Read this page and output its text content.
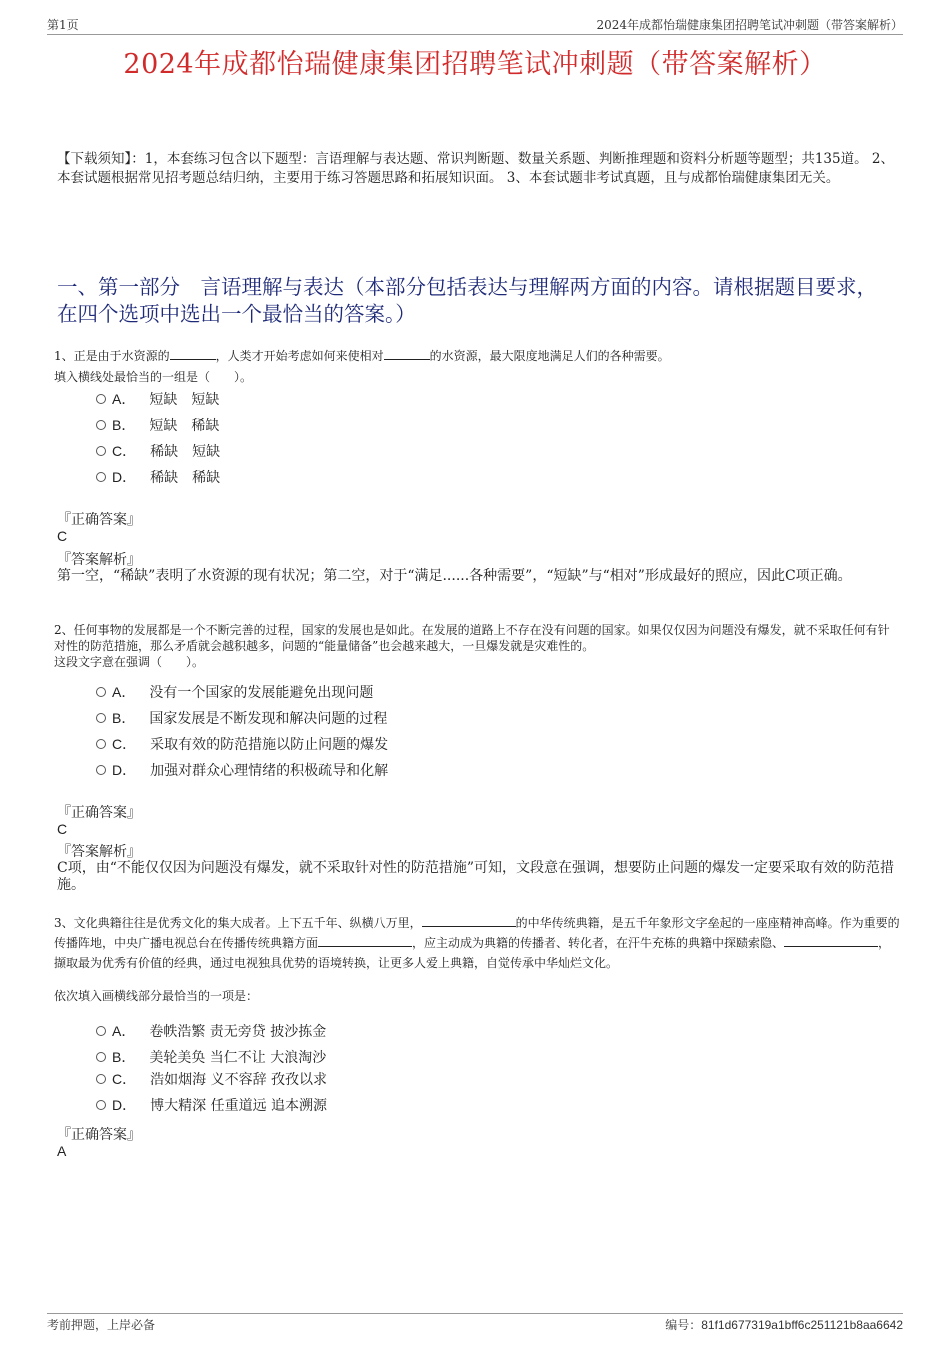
第1页	2024年成都怡瑞健康集团招聘笔试冲刺题（带答案解析）
2024年成都怡瑞健康集团招聘笔试冲刺题（带答案解析）
【下载须知】：1，本套练习包含以下题型：言语理解与表达题、常识判断题、数量关系题、判断推理题和资料分析题等题型；共135道。 2、本套试题根据常见招考题总结归纳，主要用于练习答题思路和拓展知识面。 3、本套试题非考试真题，且与成都怡瑞健康集团无关。
一、第一部分　言语理解与表达（本部分包括表达与理解两方面的内容。请根据题目要求，在四个选项中选出一个最恰当的答案。）

1、正是由于水资源的	，人类才开始考虑如何来使相对	的水资源，最大限度地满足人们的各种需要。

填入横线处最恰当的一组是（　　）。

A． 短缺　短缺
B． 短缺　稀缺
C． 稀缺　短缺
D． 稀缺　稀缺
『正确答案』
C
『答案解析』
第一空，“稀缺”表明了水资源的现有状况；第二空，对于“满足......各种需要”，“短缺”与“相对”形成最好的照应，因此C项正确。

2、任何事物的发展都是一个不断完善的过程，国家的发展也是如此。在发展的道路上不存在没有问题的国家。如果仅仅因为问题没有爆发，就不采取任何有针对性的防范措施，那么矛盾就会越积越多，问题的“能量储备”也会越来越大，一旦爆发就是灾难性的。

这段文字意在强调（　　）。

A． 没有一个国家的发展能避免出现问题
B． 国家发展是不断发现和解决问题的过程
C． 采取有效的防范措施以防止问题的爆发
D． 加强对群众心理情绪的积极疏导和化解
『正确答案』
C
『答案解析』
C项，由“不能仅仅因为问题没有爆发，就不采取针对性的防范措施”可知，文段意在强调，想要防止问题的爆发一定要采取有效的防范措施。

3、文化典籍往往是优秀文化的集大成者。上下五千年、纵横八万里，	的中华传统典籍，是五千年象形文字垒起的一座座精神高峰。作为重要的传播阵地，中央广播电视总台在传播传统典籍方面	，应主动成为典籍的传播者、转化者，在汗牛充栋的典籍中探赜索隐、	，撷取最为优秀有价值的经典，通过电视独具优势的语境转换，让更多人爱上典籍，自觉传承中华灿烂文化。

依次填入画横线部分最恰当的一项是：
A． 卷帙浩繁 责无旁贷 披沙拣金
B． 美轮美奂 当仁不让 大浪淘沙
C． 浩如烟海 义不容辞 孜孜以求
D． 博大精深 任重道远 追本溯源
『正确答案』
A
考前押题，上岸必备	编号：81f1d677319a1bff6c251121b8aa6642
